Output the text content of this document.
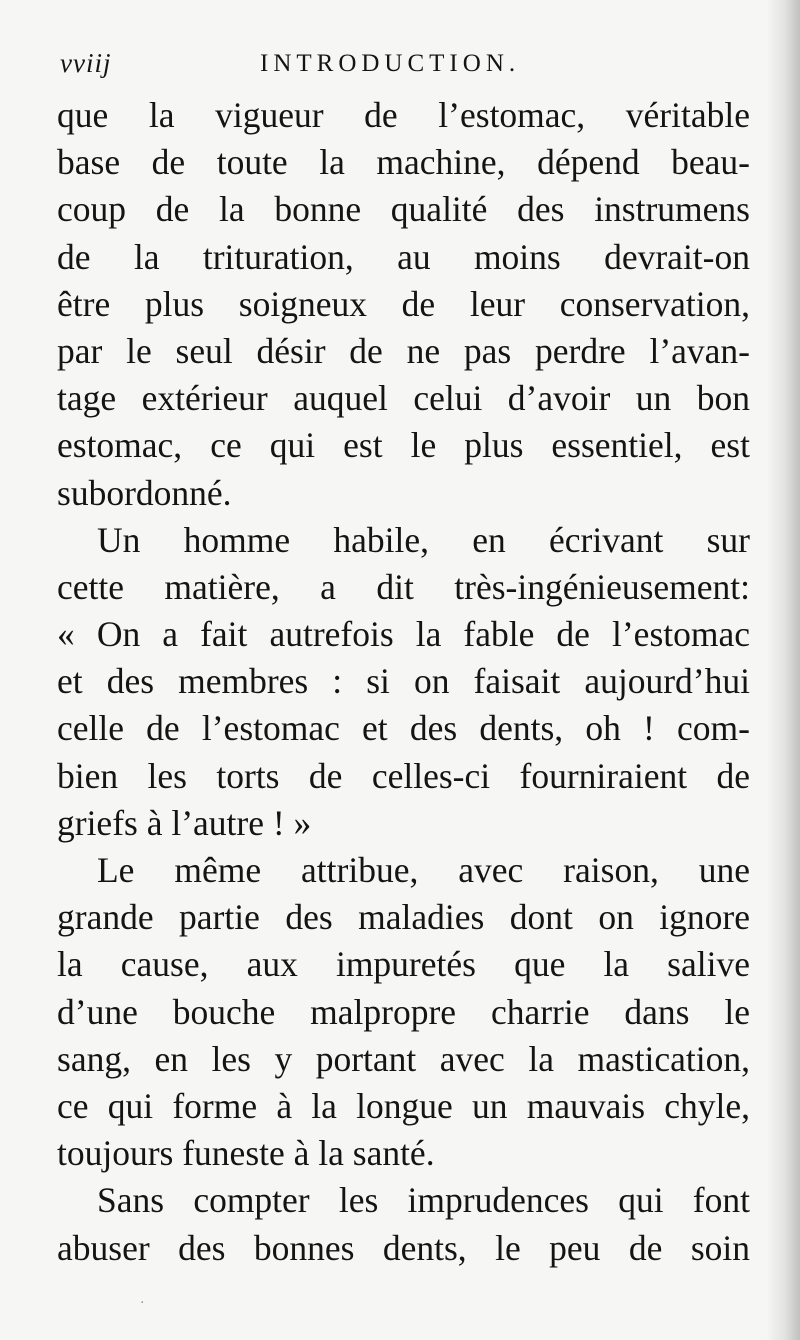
vviij	INTRODUCTION.
que la vigueur de l’estomac, véritable
base de toute la machine, dépend beau-
coup de la bonne qualité des instrumens
de la trituration, au moins devrait-on
être plus soigneux de leur conservation,
par le seul désir de ne pas perdre l’avan-
tage extérieur auquel celui d’avoir un bon
estomac, ce qui est le plus essentiel, est
subordonné.
Un homme habile, en écrivant sur
cette matière, a dit très-ingénieusement:
« On a fait autrefois la fable de l’estomac
et des membres : si on faisait aujourd’hui
celle de l’estomac et des dents, oh ! com-
bien les torts de celles-ci fourniraient de
griefs à l’autre ! »
Le même attribue, avec raison, une
grande partie des maladies dont on ignore
la cause, aux impuretés que la salive
d’une bouche malpropre charrie dans le
sang, en les y portant avec la mastication,
ce qui forme à la longue un mauvais chyle,
toujours funeste à la santé.
Sans compter les imprudences qui font
abuser des bonnes dents, le peu de soin
·
